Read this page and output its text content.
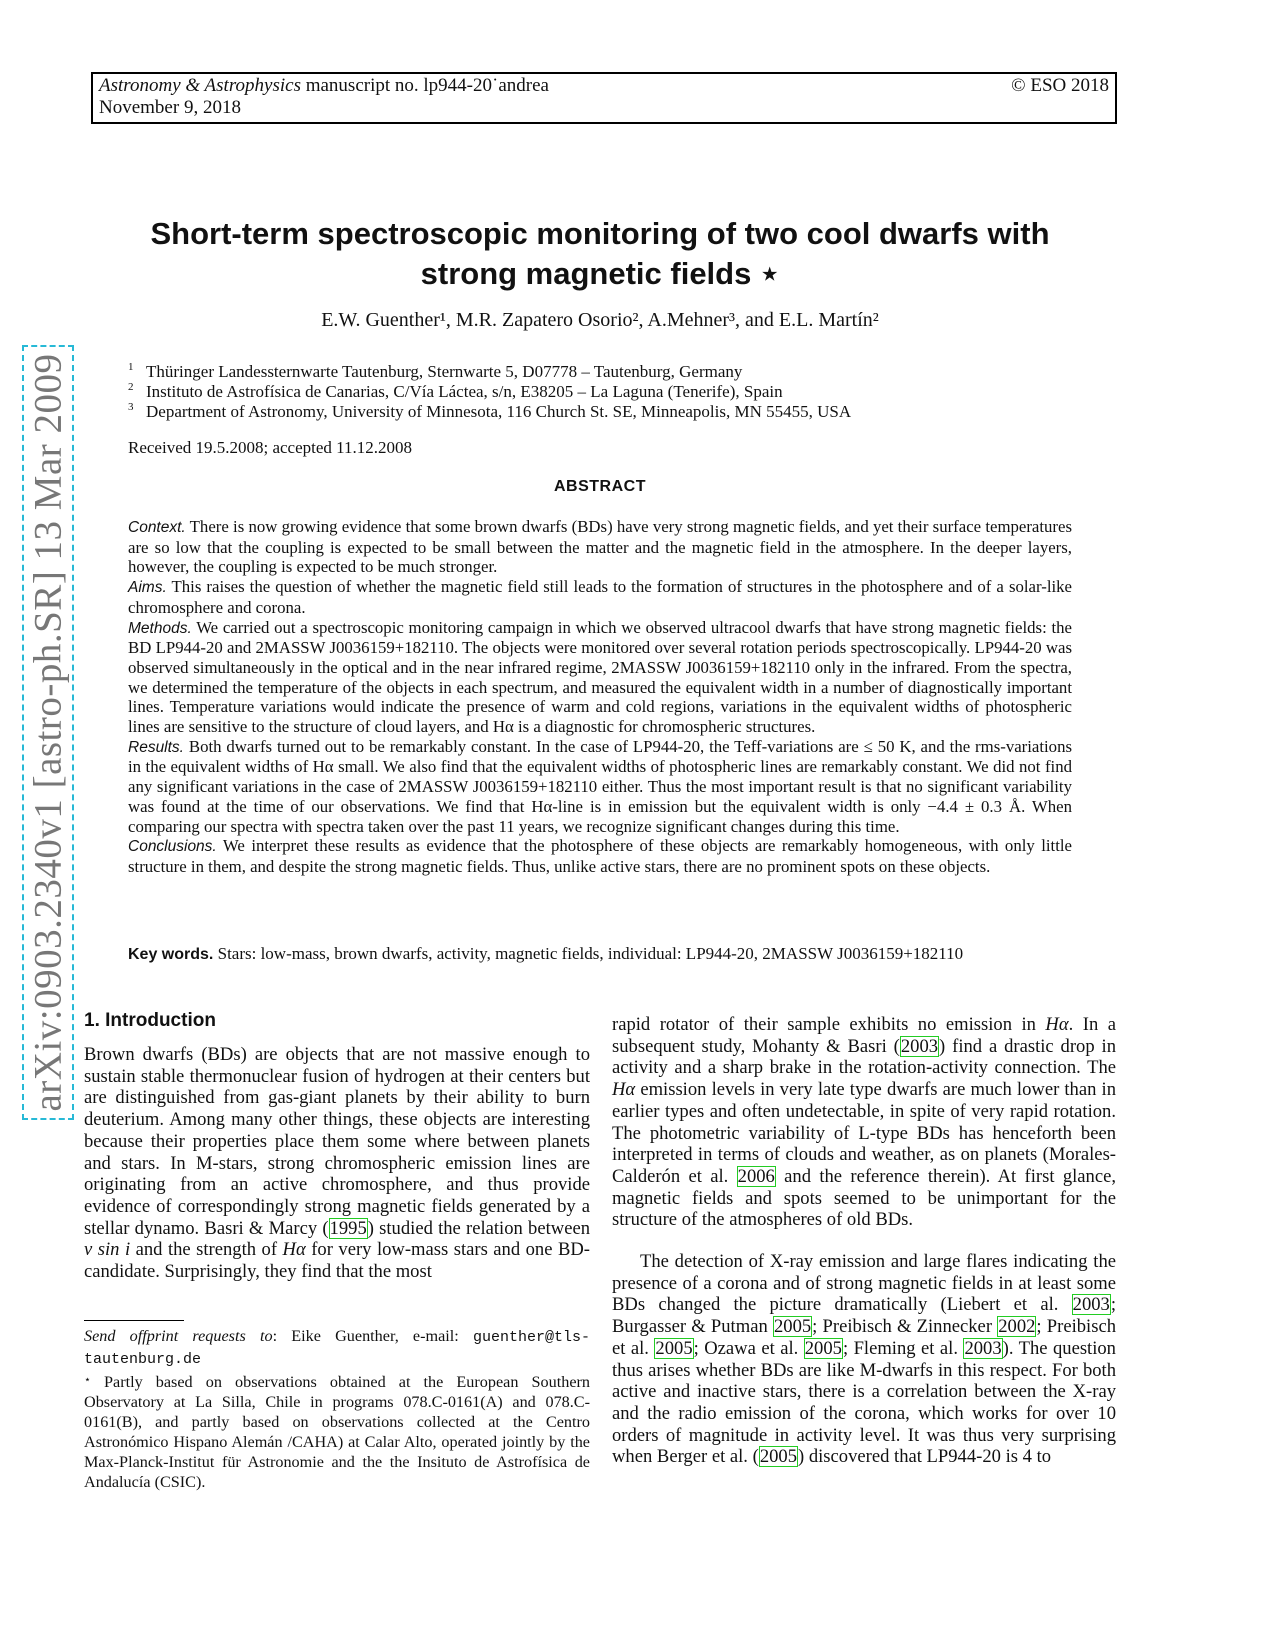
Astronomy & Astrophysics manuscript no. lp944-20˙andrea	© ESO 2018
November 9, 2018
arXiv:0903.2340v1 [astro-ph.SR] 13 Mar 2009
Short-term spectroscopic monitoring of two cool dwarfs with
strong magnetic fields ⋆

E.W. Guenther¹, M.R. Zapatero Osorio², A.Mehner³, and E.L. Martín²

1 Thüringer Landessternwarte Tautenburg, Sternwarte 5, D07778 – Tautenburg, Germany
2 Instituto de Astrofísica de Canarias, C/Vía Láctea, s/n, E38205 – La Laguna (Tenerife), Spain
3 Department of Astronomy, University of Minnesota, 116 Church St. SE, Minneapolis, MN 55455, USA
Received 19.5.2008; accepted 11.12.2008
ABSTRACT

Context. There is now growing evidence that some brown dwarfs (BDs) have very strong magnetic fields, and yet their surface temperatures are so low that the coupling is expected to be small between the matter and the magnetic field in the atmosphere. In the deeper layers, however, the coupling is expected to be much stronger.

Aims. This raises the question of whether the magnetic field still leads to the formation of structures in the photosphere and of a solar-like chromosphere and corona.

Methods. We carried out a spectroscopic monitoring campaign in which we observed ultracool dwarfs that have strong magnetic fields: the BD LP944-20 and 2MASSW J0036159+182110. The objects were monitored over several rotation periods spectroscopically. LP944-20 was observed simultaneously in the optical and in the near infrared regime, 2MASSW J0036159+182110 only in the infrared. From the spectra, we determined the temperature of the objects in each spectrum, and measured the equivalent width in a number of diagnostically important lines. Temperature variations would indicate the presence of warm and cold regions, variations in the equivalent widths of photospheric lines are sensitive to the structure of cloud layers, and Hα is a diagnostic for chromospheric structures.

Results. Both dwarfs turned out to be remarkably constant. In the case of LP944-20, the Teff-variations are ≤ 50 K, and the rms-variations in the equivalent widths of Hα small. We also find that the equivalent widths of photospheric lines are remarkably constant. We did not find any significant variations in the case of 2MASSW J0036159+182110 either. Thus the most important result is that no significant variability was found at the time of our observations. We find that Hα-line is in emission but the equivalent width is only −4.4 ± 0.3 Å. When comparing our spectra with spectra taken over the past 11 years, we recognize significant changes during this time.

Conclusions. We interpret these results as evidence that the photosphere of these objects are remarkably homogeneous, with only little structure in them, and despite the strong magnetic fields. Thus, unlike active stars, there are no prominent spots on these objects.

Key words. Stars: low-mass, brown dwarfs, activity, magnetic fields, individual: LP944-20, 2MASSW J0036159+182110
1. Introduction

Brown dwarfs (BDs) are objects that are not massive enough to sustain stable thermonuclear fusion of hydrogen at their centers but are distinguished from gas-giant planets by their ability to burn deuterium. Among many other things, these objects are interesting because their properties place them some where between planets and stars. In M-stars, strong chromospheric emission lines are originating from an active chromosphere, and thus provide evidence of correspondingly strong magnetic fields generated by a stellar dynamo. Basri & Marcy (1995) studied the relation between v sin i and the strength of Hα for very low-mass stars and one BD-candidate. Surprisingly, they find that the most

Send offprint requests to: Eike Guenther, e-mail: guenther@tls-tautenburg.de

⋆ Partly based on observations obtained at the European Southern Observatory at La Silla, Chile in programs 078.C-0161(A) and 078.C-0161(B), and partly based on observations collected at the Centro Astronómico Hispano Alemán /CAHA) at Calar Alto, operated jointly by the Max-Planck-Institut für Astronomie and the the Insituto de Astrofísica de Andalucía (CSIC).

rapid rotator of their sample exhibits no emission in Hα. In a subsequent study, Mohanty & Basri (2003) find a drastic drop in activity and a sharp brake in the rotation-activity connection. The Hα emission levels in very late type dwarfs are much lower than in earlier types and often undetectable, in spite of very rapid rotation. The photometric variability of L-type BDs has henceforth been interpreted in terms of clouds and weather, as on planets (Morales-Calderón et al. 2006 and the reference therein). At first glance, magnetic fields and spots seemed to be unimportant for the structure of the atmospheres of old BDs.

The detection of X-ray emission and large flares indicating the presence of a corona and of strong magnetic fields in at least some BDs changed the picture dramatically (Liebert et al. 2003; Burgasser & Putman 2005; Preibisch & Zinnecker 2002; Preibisch et al. 2005; Ozawa et al. 2005; Fleming et al. 2003). The question thus arises whether BDs are like M-dwarfs in this respect. For both active and inactive stars, there is a correlation between the X-ray and the radio emission of the corona, which works for over 10 orders of magnitude in activity level. It was thus very surprising when Berger et al. (2005) discovered that LP944-20 is 4 to
